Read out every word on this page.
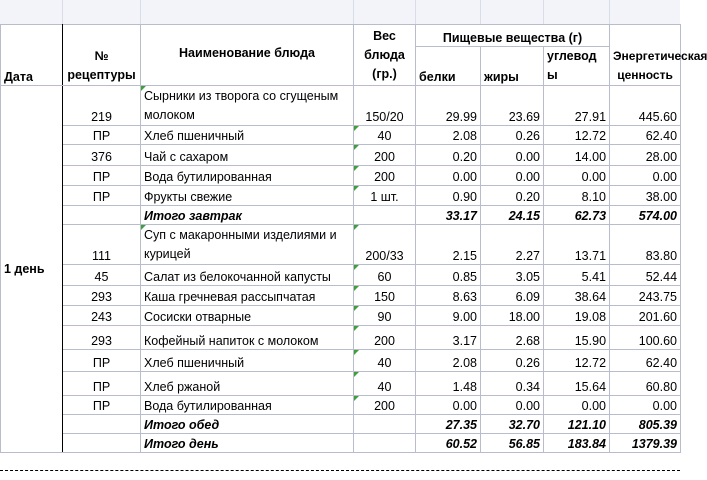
Дата	№ рецептуры	Наименование блюда	Вес блюда (гр.)	Пищевые вещества (г)			Энергетическая ценность
				белки	жиры	углеводы	

1 день	219	Сырники из творога со сгущеным молоком	150/20	29.99	23.69	27.91	445.60
	ПР	Хлеб пшеничный	40	2.08	0.26	12.72	62.40
	376	Чай с сахаром	200	0.20	0.00	14.00	28.00
	ПР	Вода бутилированная	200	0.00	0.00	0.00	0.00
	ПР	Фрукты свежие	1 шт.	0.90	0.20	8.10	38.00
		Итого завтрак		33.17	24.15	62.73	574.00
	111	Суп с макаронными изделиями и курицей	200/33	2.15	2.27	13.71	83.80
	45	Салат из белокочанной капусты	60	0.85	3.05	5.41	52.44
	293	Каша гречневая рассыпчатая	150	8.63	6.09	38.64	243.75
	243	Сосиски отварные	90	9.00	18.00	19.08	201.60
	293	Кофейный напиток с молоком	200	3.17	2.68	15.90	100.60
	ПР	Хлеб пшеничный	40	2.08	0.26	12.72	62.40
	ПР	Хлеб ржаной	40	1.48	0.34	15.64	60.80
	ПР	Вода бутилированная	200	0.00	0.00	0.00	0.00
		Итого обед		27.35	32.70	121.10	805.39
		Итого день		60.52	56.85	183.84	1379.39
